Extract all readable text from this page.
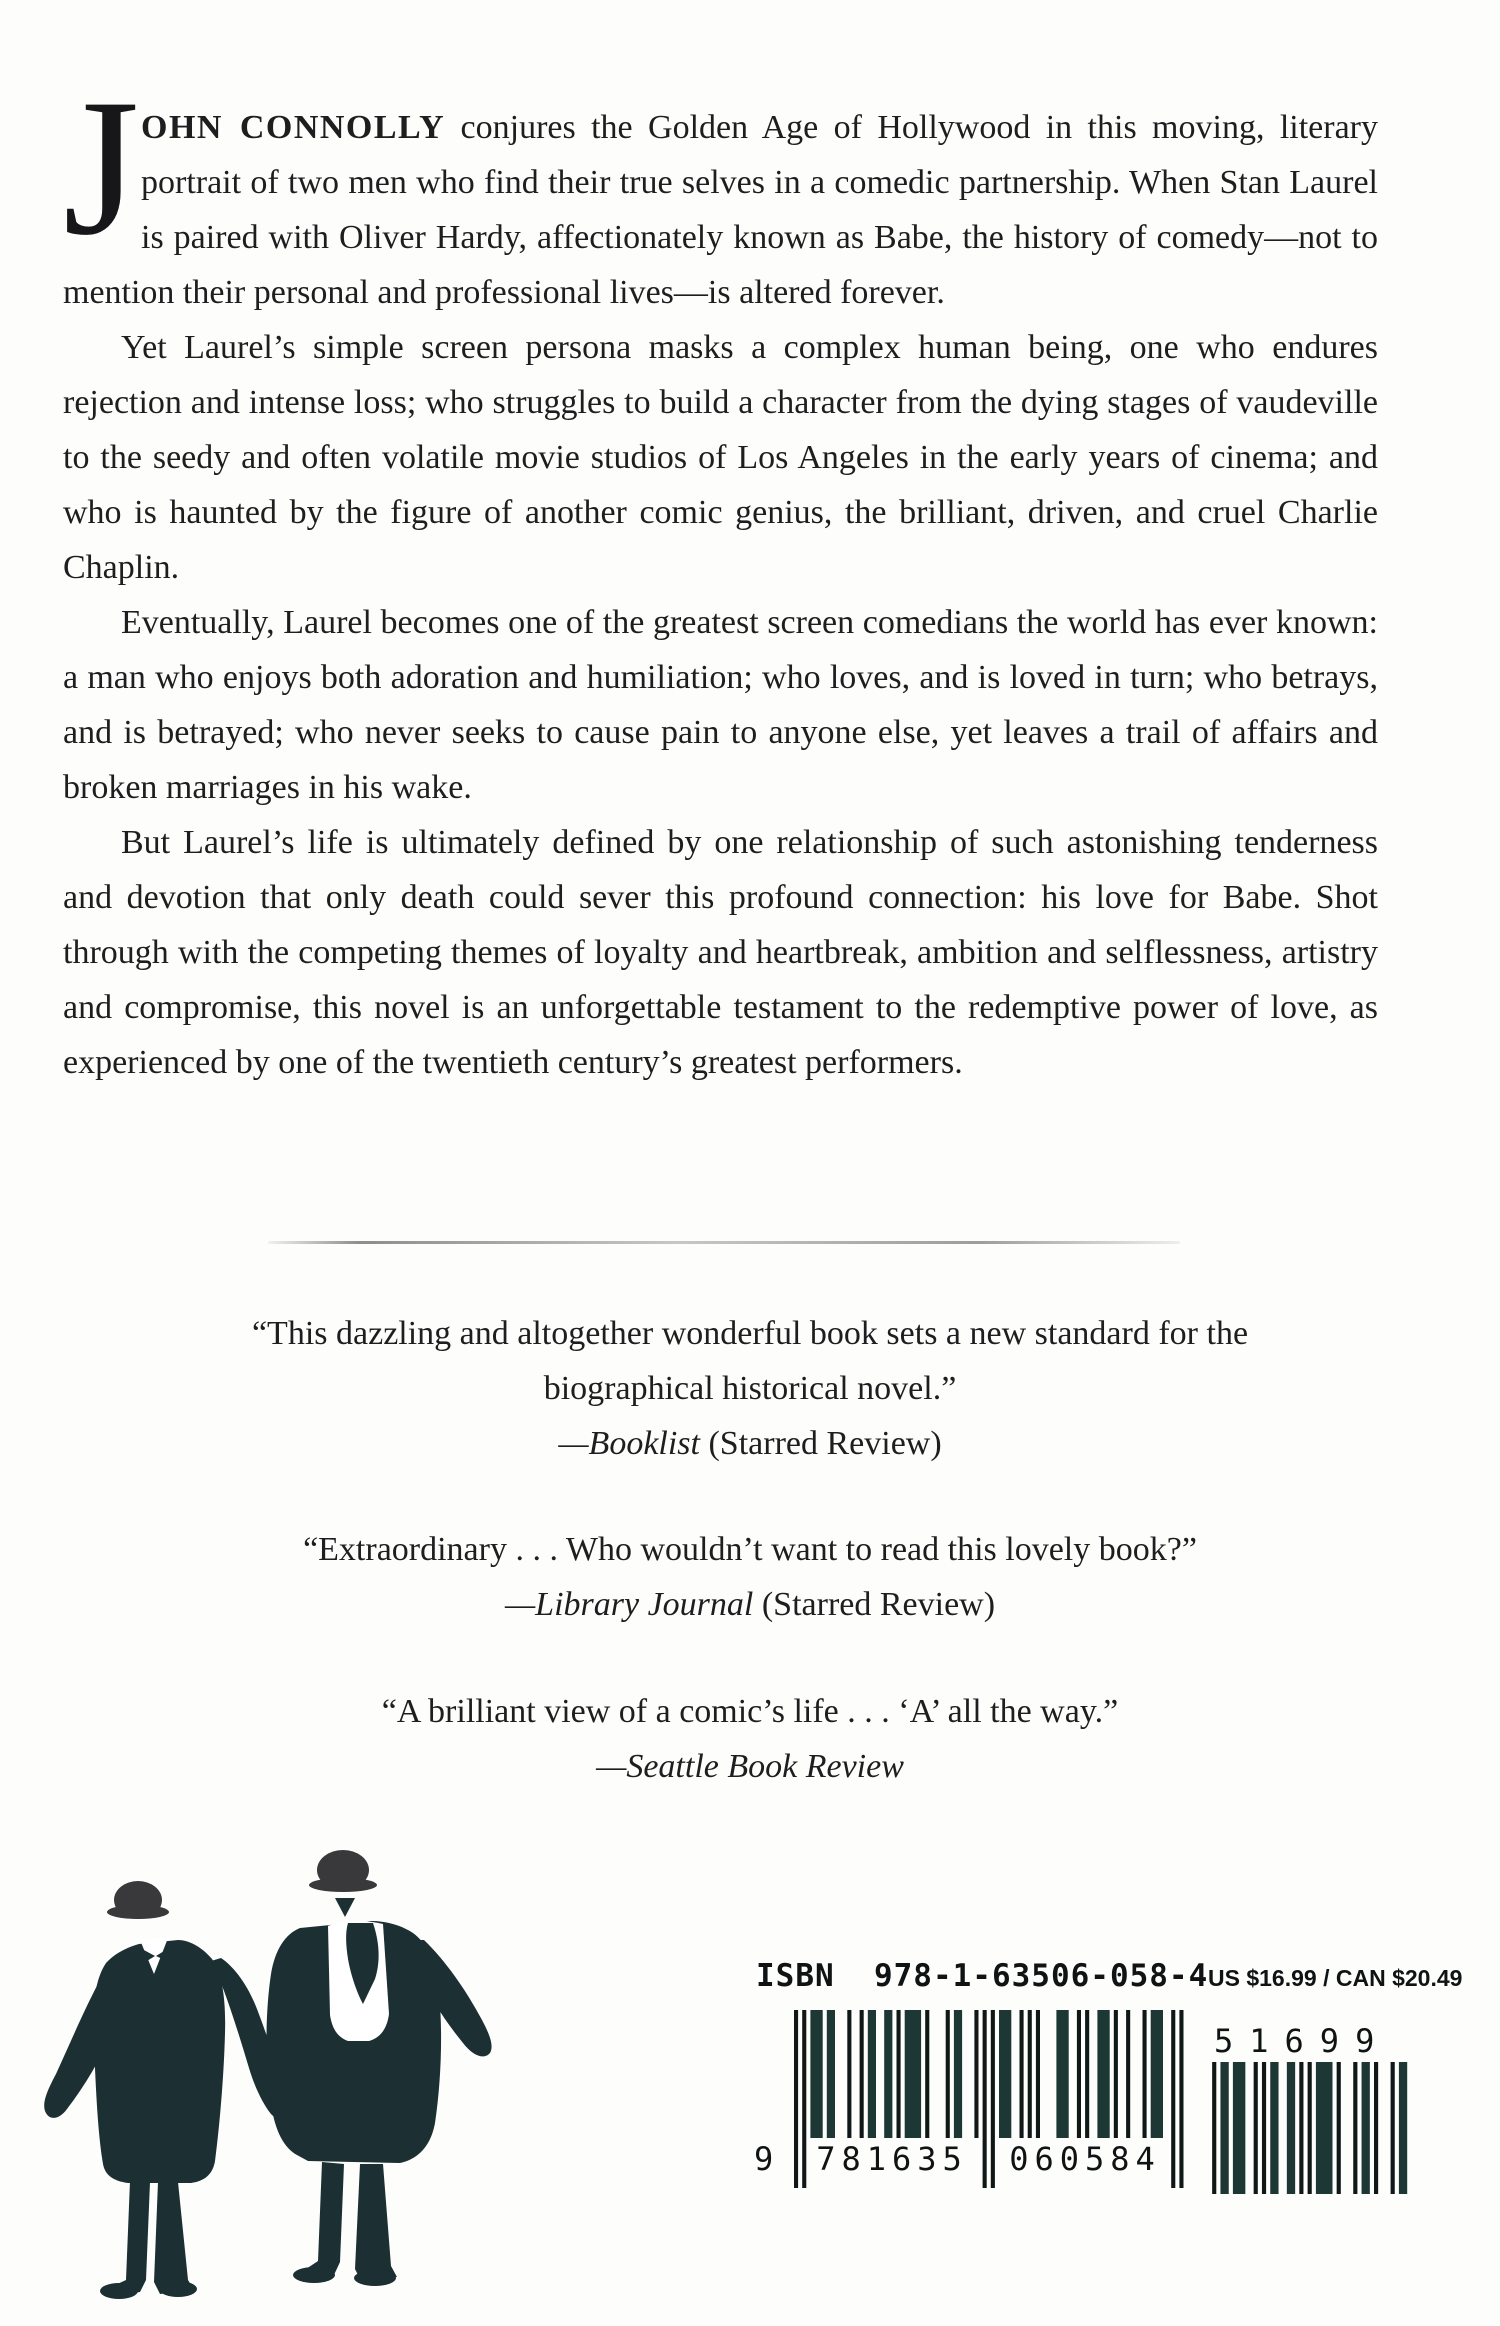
J OHN CONNOLLY conjures the Golden Age of Hollywood in this moving, literary portrait of two men who find their true selves in a comedic partnership. When Stan Laurel is paired with Oliver Hardy, affectionately known as Babe, the history of comedy—not to mention their personal and professional lives—is altered forever.

Yet Laurel’s simple screen persona masks a complex human being, one who endures rejection and intense loss; who struggles to build a character from the dying stages of vaudeville to the seedy and often volatile movie studios of Los Angeles in the early years of cinema; and who is haunted by the figure of another comic genius, the brilliant, driven, and cruel Charlie Chaplin.

Eventually, Laurel becomes one of the greatest screen comedians the world has ever known: a man who enjoys both adoration and humiliation; who loves, and is loved in turn; who betrays, and is betrayed; who never seeks to cause pain to anyone else, yet leaves a trail of affairs and broken marriages in his wake.

But Laurel’s life is ultimately defined by one relationship of such astonishing tenderness and devotion that only death could sever this profound connection: his love for Babe. Shot through with the competing themes of loyalty and heartbreak, ambition and selflessness, artistry and compromise, this novel is an unforgettable testament to the redemptive power of love, as experienced by one of the twentieth century’s greatest performers.

“This dazzling and altogether wonderful book sets a new standard for the biographical historical novel.”
—Booklist (Starred Review)
“Extraordinary . . . Who wouldn’t want to read this lovely book?”
—Library Journal (Starred Review)
“A brilliant view of a comic’s life . . . ‘A’ all the way.”
—Seattle Book Review
ISBN  978-1-63506-058-4 US $16.99 / CAN $20.49
9	781635	060584
51699
